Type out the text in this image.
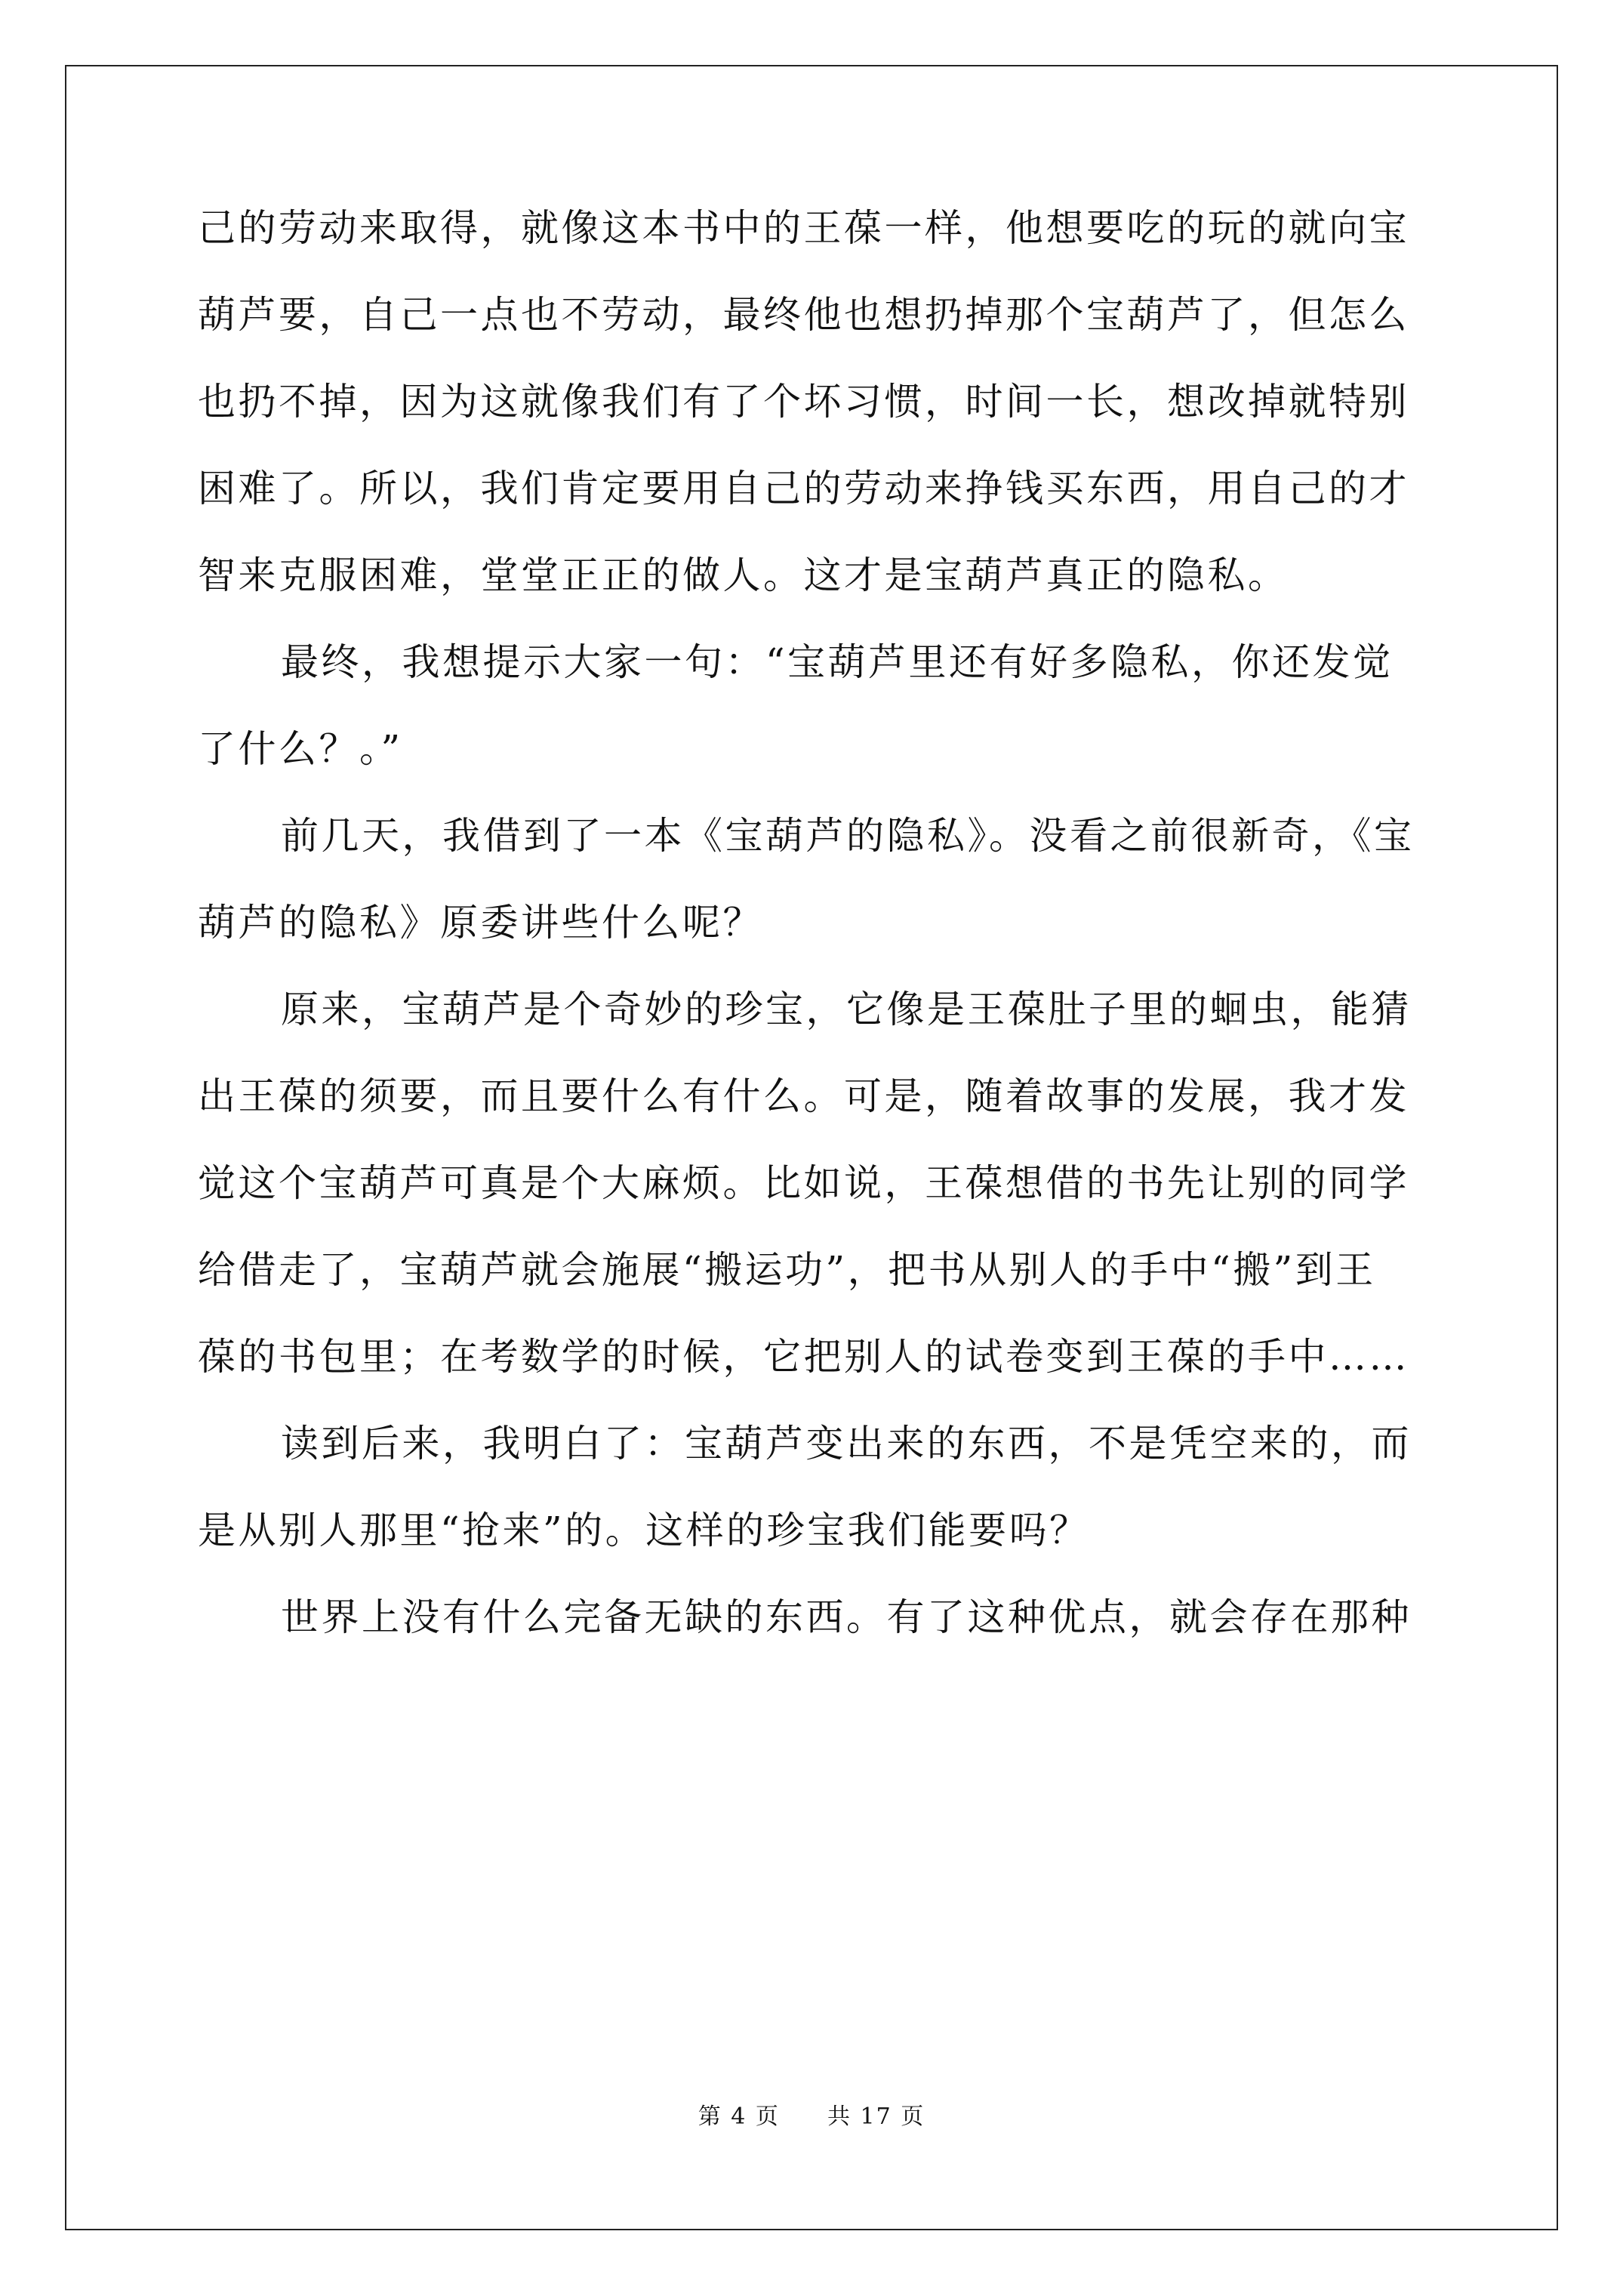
己的劳动来取得，就像这本书中的王葆一样，他想要吃的玩的就向宝
葫芦要，自己一点也不劳动，最终他也想扔掉那个宝葫芦了，但怎么
也扔不掉，因为这就像我们有了个坏习惯，时间一长，想改掉就特别
困难了。所以，我们肯定要用自己的劳动来挣钱买东西，用自己的才
智来克服困难，堂堂正正的做人。这才是宝葫芦真正的隐私。
最终，我想提示大家一句：“宝葫芦里还有好多隐私，你还发觉
了什么？。”
前几天，我借到了一本《宝葫芦的隐私》。没看之前很新奇，《宝
葫芦的隐私》原委讲些什么呢？
原来，宝葫芦是个奇妙的珍宝，它像是王葆肚子里的蛔虫，能猜
出王葆的须要，而且要什么有什么。可是，随着故事的发展，我才发
觉这个宝葫芦可真是个大麻烦。比如说，王葆想借的书先让别的同学
给借走了，宝葫芦就会施展“搬运功”，把书从别人的手中“搬”到王
葆的书包里；在考数学的时候，它把别人的试卷变到王葆的手中……
读到后来，我明白了：宝葫芦变出来的东西，不是凭空来的，而
是从别人那里“抢来”的。这样的珍宝我们能要吗？
世界上没有什么完备无缺的东西。有了这种优点，就会存在那种
第 4 页 共 17 页
